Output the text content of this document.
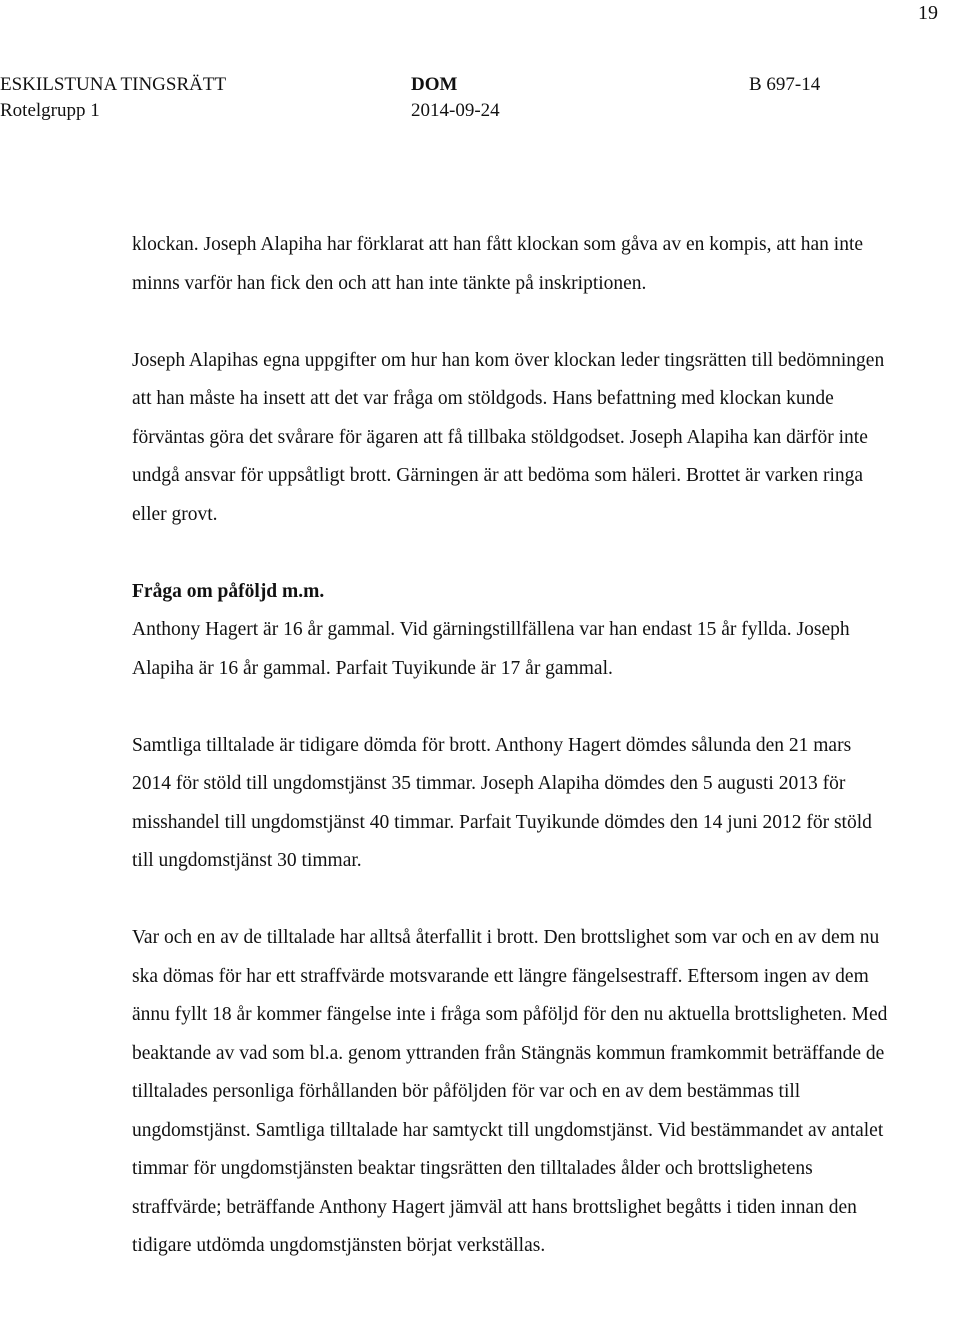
19
ESKILSTUNA TINGSRÄTT
Rotelgrupp 1
DOM
2014-09-24
B 697-14

klockan. Joseph Alapiha har förklarat att han fått klockan som gåva av en kompis, att han inte minns varför han fick den och att han inte tänkte på inskriptionen.

Joseph Alapihas egna uppgifter om hur han kom över klockan leder tingsrätten till bedömningen att han måste ha insett att det var fråga om stöldgods. Hans befattning med klockan kunde förväntas göra det svårare för ägaren att få tillbaka stöldgodset. Joseph Alapiha kan därför inte undgå ansvar för uppsåtligt brott. Gärningen är att bedöma som häleri. Brottet är varken ringa eller grovt.

Fråga om påföljd m.m.

Anthony Hagert är 16 år gammal. Vid gärningstillfällena var han endast 15 år fyllda. Joseph Alapiha är 16 år gammal. Parfait Tuyikunde är 17 år gammal.

Samtliga tilltalade är tidigare dömda för brott. Anthony Hagert dömdes sålunda den 21 mars 2014 för stöld till ungdomstjänst 35 timmar. Joseph Alapiha dömdes den 5 augusti 2013 för misshandel till ungdomstjänst 40 timmar. Parfait Tuyikunde dömdes den 14 juni 2012 för stöld till ungdomstjänst 30 timmar.

Var och en av de tilltalade har alltså återfallit i brott. Den brottslighet som var och en av dem nu ska dömas för har ett straffvärde motsvarande ett längre fängelsestraff. Eftersom ingen av dem ännu fyllt 18 år kommer fängelse inte i fråga som påföljd för den nu aktuella brottsligheten. Med beaktande av vad som bl.a. genom yttranden från Stängnäs kommun framkommit beträffande de tilltalades personliga förhållanden bör påföljden för var och en av dem bestämmas till ungdomstjänst. Samtliga tilltalade har samtyckt till ungdomstjänst. Vid bestämmandet av antalet timmar för ungdomstjänsten beaktar tingsrätten den tilltalades ålder och brottslighetens straffvärde; beträffande Anthony Hagert jämväl att hans brottslighet begåtts i tiden innan den tidigare utdömda ungdomstjänsten börjat verkställas.
